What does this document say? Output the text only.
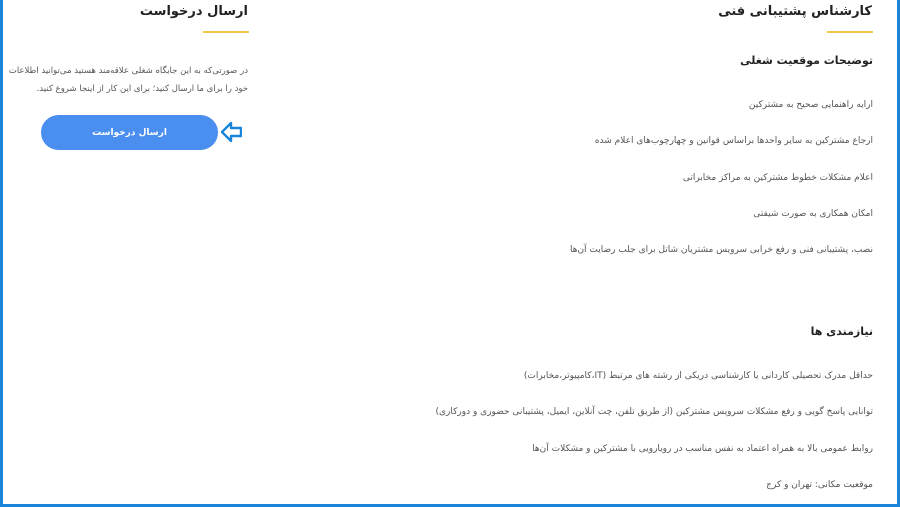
کارشناس پشتیبانی فنی
توضیحات موقعیت شغلی

ارایه راهنمایی صحیح به مشترکین

ارجاع مشترکین به سایر واحدها براساس قوانین و چهارچوب‌های اعلام شده

اعلام مشکلات خطوط مشترکین به مراکز مخابراتی

امکان همکاری به صورت شیفتی

نصب، پشتیبانی فنی و رفع خرابی سرویس مشتریان شاتل برای جلب رضایت آن‌ها

نیازمندی ها

حداقل مدرک تحصیلی کاردانی یا کارشناسی دریکی از رشته های مرتبط (IT،کامپیوتر،مخابرات)

توانایی پاسخ گویی و رفع مشکلات سرویس مشترکین (از طریق تلفن، چت آنلاین، ایمیل، پشتیبانی حضوری و دورکاری)

روابط عمومی بالا به همراه اعتماد به نفس مناسب در رویارویی با مشترکین و مشکلات آن‌ها

موقعیت مکانی: تهران و کرج

ارسال درخواست

در صورتی‌که به این جایگاه شغلی علاقه‌مند هستید می‌توانید اطلاعات خود را برای ما ارسال کنید؛ برای این کار از اینجا شروع کنید.

ارسال درخواست
